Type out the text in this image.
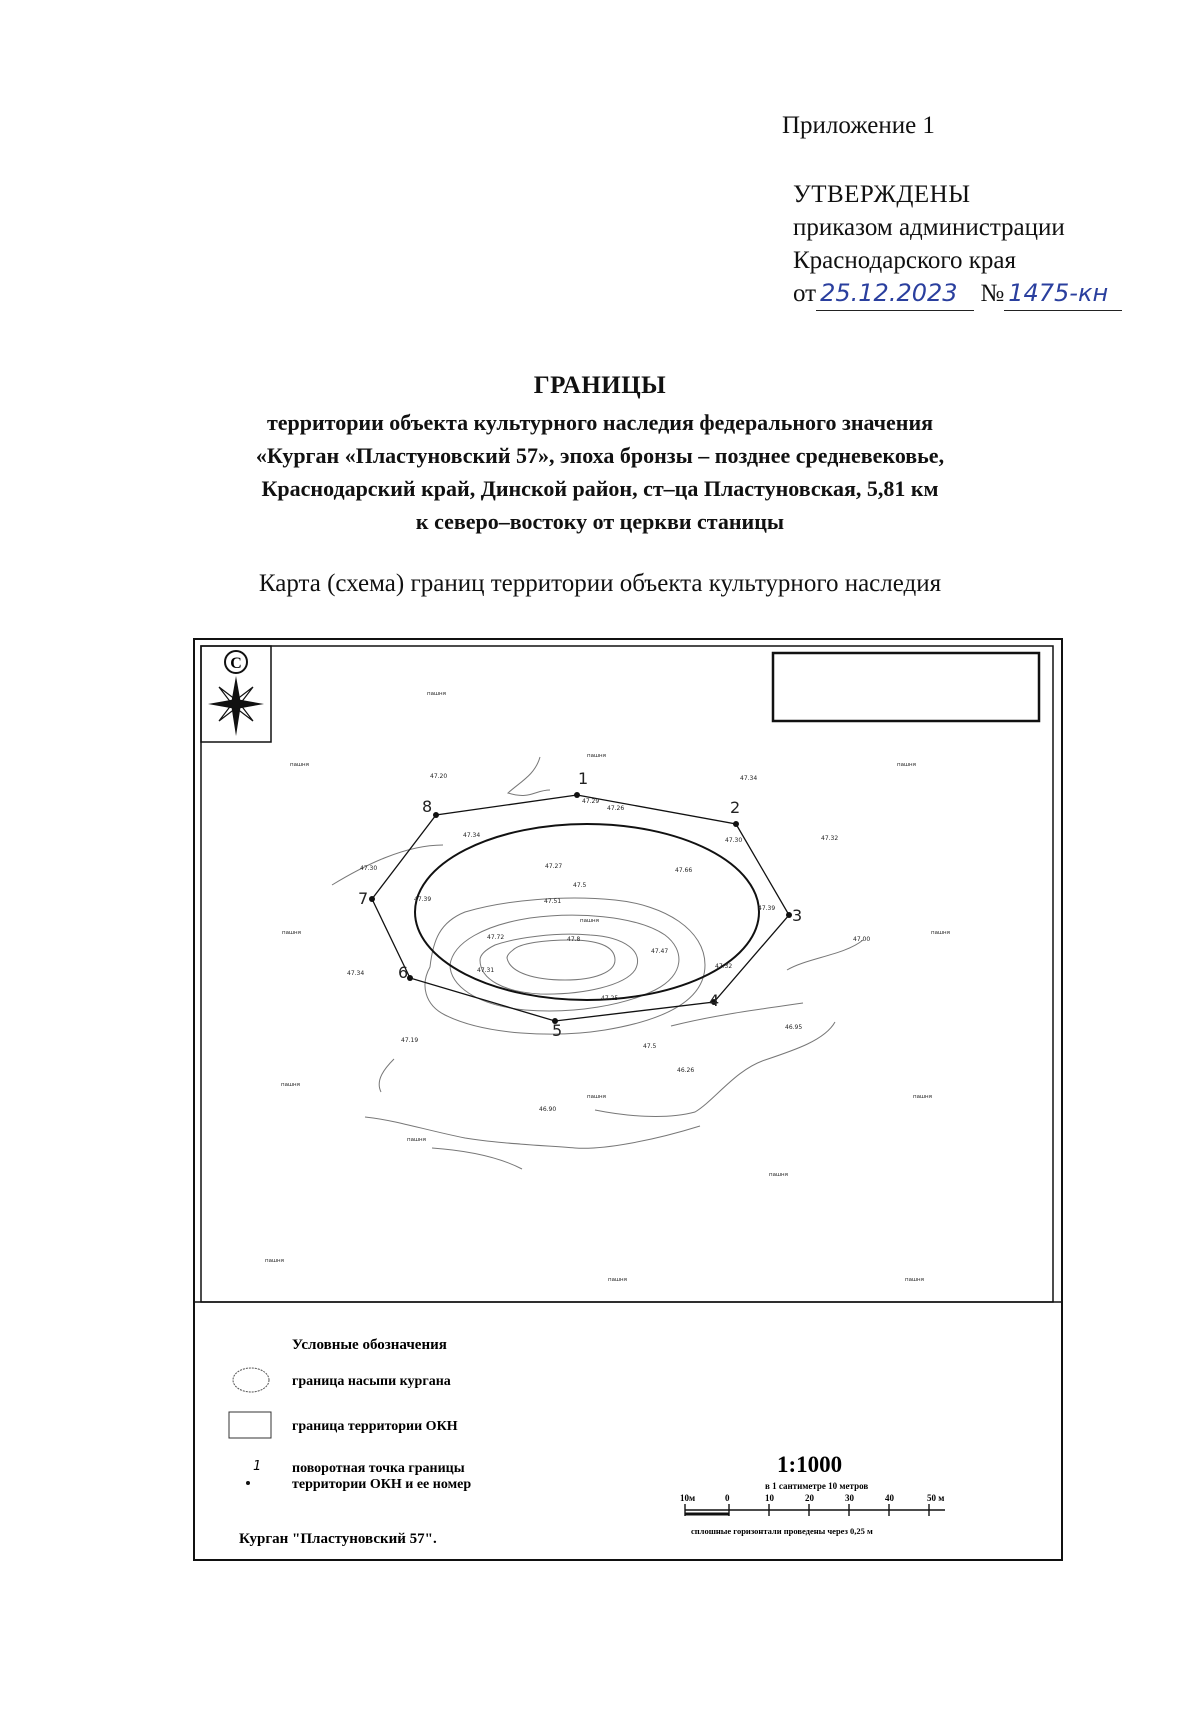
Приложение 1
УТВЕРЖДЕНЫ
приказом администрации
Краснодарского края
от 25.12.2023 № 1475-кн
ГРАНИЦЫ
территории объекта культурного наследия федерального значения
«Курган «Пластуновский 57», эпоха бронзы – позднее средневековье,
Краснодарский край, Динской район, ст–ца Пластуновская, 5,81 км
к северо–востоку от церкви станицы
Карта (схема) границ территории объекта культурного наследия
С
пашня
пашня
пашня
пашня
пашня	пашня
пашня
пашня
пашня
пашня
пашня
пашня
пашня	пашня
пашня
1
2
3
4
5
6
7
8	47.26
47.20	47.34
47.29
47.30	47.32
47.34
47.27
47.66
47.30
47.39
47.51
47.39
47.72
47.47
47.32
47.31
47.25
47.34
47.19
47.00
46.95
46.26
46.90
47.5
47.8
47.5
Условные обозначения
граница насыпи кургана
граница территории ОКН
1 поворотная точка границы
территории ОКН и ее номер
1:1000
в 1 сантиметре 10 метров
10м	0	10	20	30	40	50 м
сплошные горизонтали проведены через 0,25 м
Курган "Пластуновский 57".
